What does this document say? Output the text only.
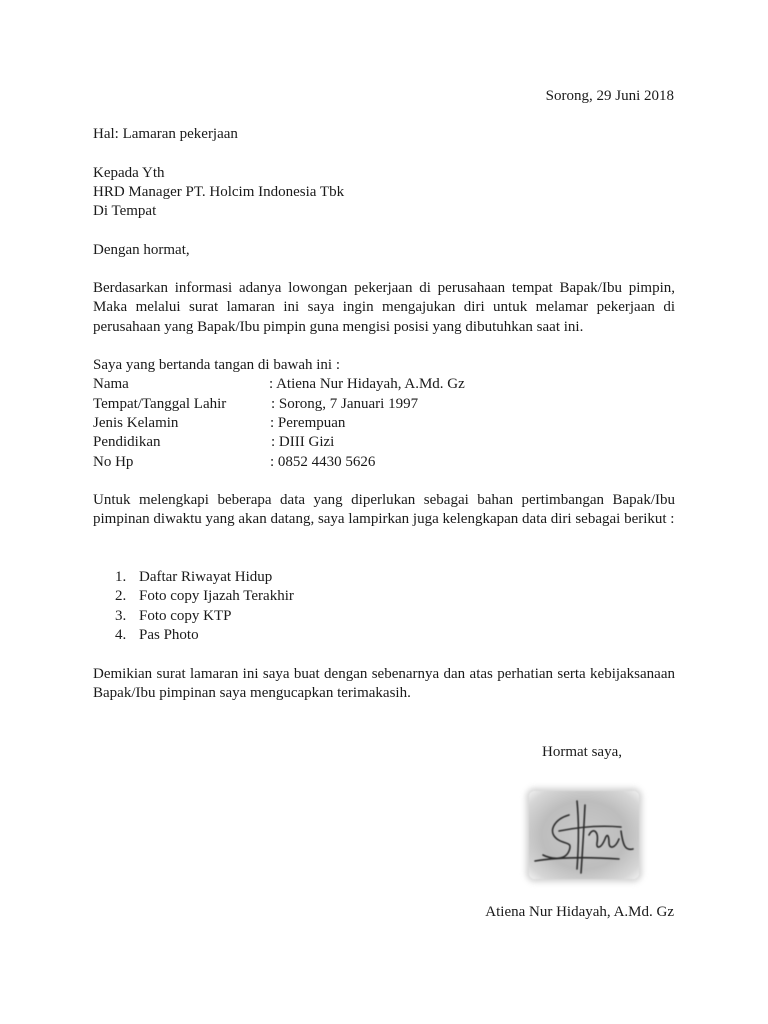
Sorong, 29 Juni 2018
Hal: Lamaran pekerjaan
Kepada Yth
HRD Manager PT. Holcim Indonesia Tbk
Di Tempat
Dengan hormat,
Berdasarkan informasi adanya lowongan pekerjaan di perusahaan tempat Bapak/Ibu pimpin, Maka melalui surat lamaran ini saya ingin mengajukan diri untuk melamar pekerjaan di perusahaan yang Bapak/Ibu pimpin guna mengisi posisi yang dibutuhkan saat ini.
Saya yang bertanda tangan di bawah ini :
Nama	: Atiena Nur Hidayah, A.Md. Gz
Tempat/Tanggal Lahir	: Sorong, 7 Januari 1997
Jenis Kelamin	: Perempuan
Pendidikan	: DIII Gizi
No Hp	: 0852 4430 5626
Untuk melengkapi beberapa data yang diperlukan sebagai bahan pertimbangan Bapak/Ibu pimpinan diwaktu yang akan datang, saya lampirkan juga kelengkapan data diri sebagai berikut :
1. Daftar Riwayat Hidup
2. Foto copy Ijazah Terakhir
3. Foto copy KTP
4. Pas Photo
Demikian surat lamaran ini saya buat dengan sebenarnya dan atas perhatian serta kebijaksanaan Bapak/Ibu pimpinan saya mengucapkan terimakasih.
Hormat saya,
Atiena Nur Hidayah, A.Md. Gz
